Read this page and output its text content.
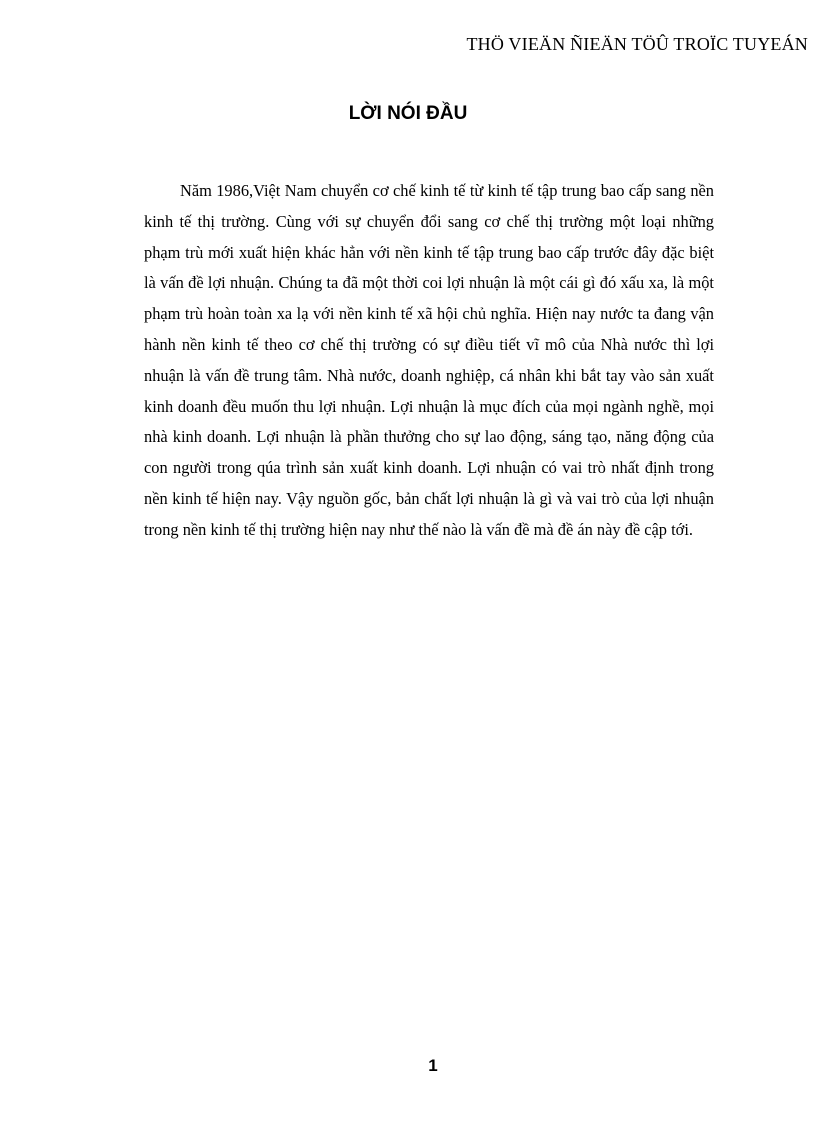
THÖ VIEÄN ÑIEÄN TÖÛ TROÏC TUYEÁN
LỜI NÓI ĐẦU

Năm 1986,Việt Nam chuyển cơ chế kinh tế từ kinh tế tập trung bao cấp sang nền kinh tế thị trường. Cùng với sự chuyển đổi sang cơ chế thị trường một loại những phạm trù mới xuất hiện khác hẳn với nền kinh tế tập trung bao cấp trước đây đặc biệt là vấn đề lợi nhuận. Chúng ta đã một thời coi lợi nhuận là một cái gì đó xấu xa, là một phạm trù hoàn toàn xa lạ với nền kinh tế xã hội chủ nghĩa. Hiện nay nước ta đang vận hành nền kinh tế theo cơ chế thị trường có sự điều tiết vĩ mô của Nhà nước thì lợi nhuận là vấn đề trung tâm. Nhà nước, doanh nghiệp, cá nhân khi bắt tay vào sản xuất kinh doanh đều muốn thu lợi nhuận. Lợi nhuận là mục đích của mọi ngành nghề, mọi nhà kinh doanh. Lợi nhuận là phần thưởng cho sự lao động, sáng tạo, năng động của con người trong qúa trình sản xuất kinh doanh. Lợi nhuận có vai trò nhất định trong nền kinh tế hiện nay. Vậy nguồn gốc, bản chất lợi nhuận là gì và vai trò của lợi nhuận trong nền kinh tế thị trường hiện nay như thế nào là vấn đề mà đề án này đề cập tới.

1
